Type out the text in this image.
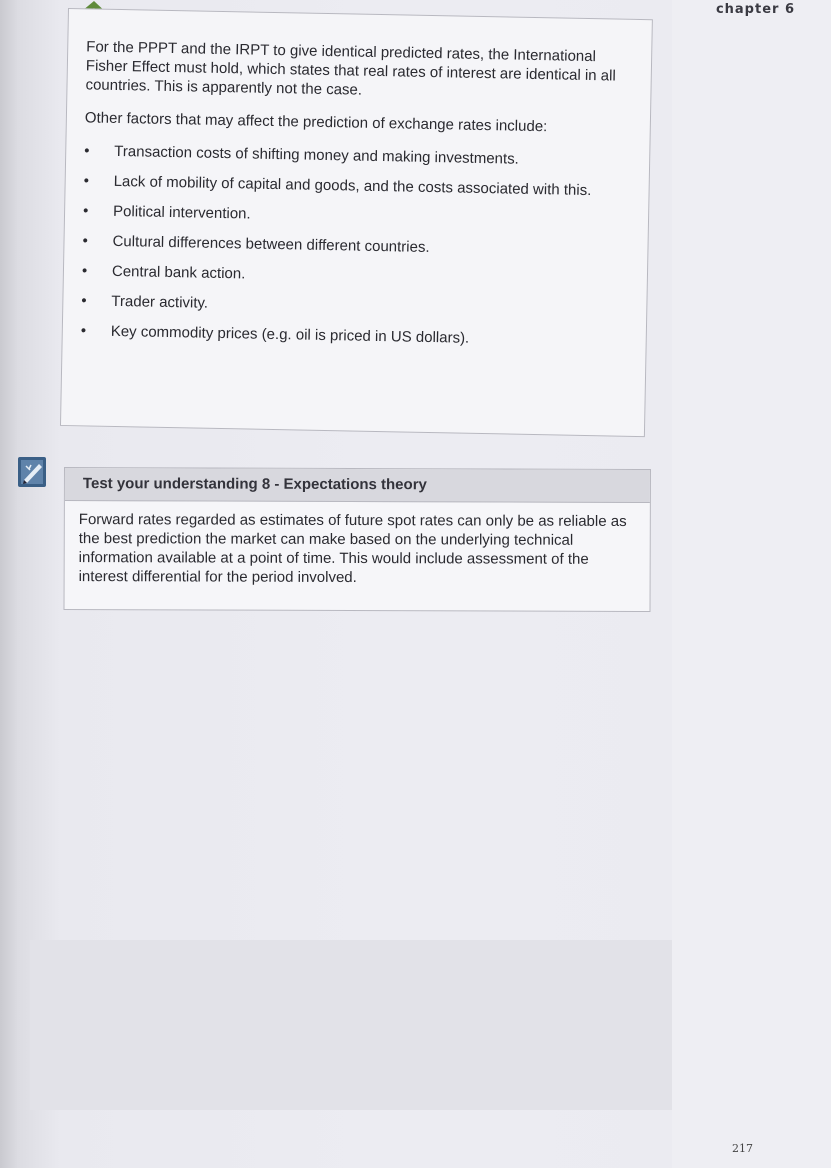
chapter 6

For the PPPT and the IRPT to give identical predicted rates, the International Fisher Effect must hold, which states that real rates of interest are identical in all countries. This is apparently not the case.

Other factors that may affect the prediction of exchange rates include:

• Transaction costs of shifting money and making investments.
• Lack of mobility of capital and goods, and the costs associated with this.
• Political intervention.
• Cultural differences between different countries.
• Central bank action.
• Trader activity.
• Key commodity prices (e.g. oil is priced in US dollars).
Test your understanding 8 - Expectations theory
Forward rates regarded as estimates of future spot rates can only be as reliable as the best prediction the market can make based on the underlying technical information available at a point of time. This would include assessment of the interest differential for the period involved.
217
